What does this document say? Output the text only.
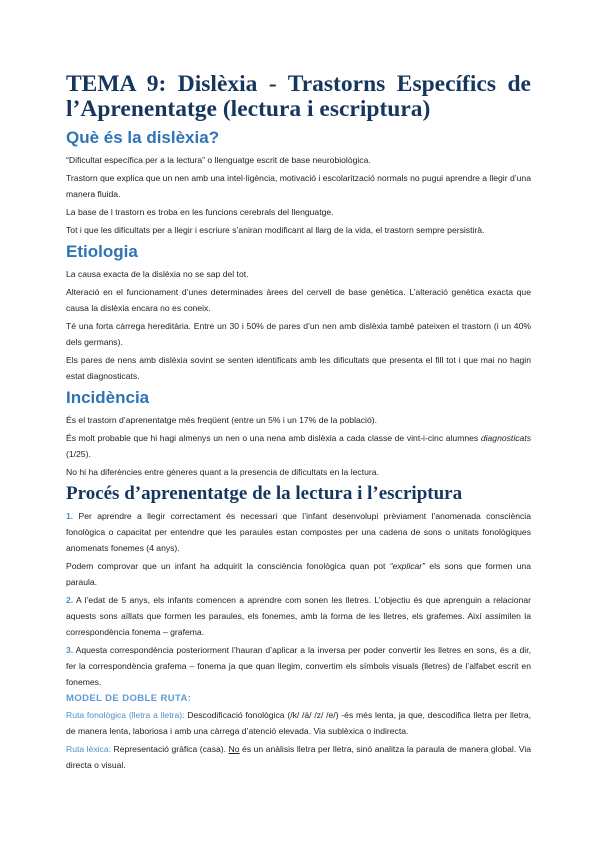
TEMA 9: Dislèxia - Trastorns Específics de l’Aprenentatge (lectura i escriptura)
Què és la dislèxia?

“Dificultat específica per a la lectura” o llenguatge escrit de base neurobiològica.

Trastorn que explica que un nen amb una intel·ligència, motivació i escolarització normals no pugui aprendre a llegir d’una manera fluida.

La base de l trastorn es troba en les funcions cerebrals del llenguatge.

Tot i que les dificultats per a llegir i escriure s’aniran modificant al llarg de la vida, el trastorn sempre persistirà.

Etiologia

La causa exacta de la dislèxia no se sap del tot.

Alteració en el funcionament d’unes determinades àrees del cervell de base genètica. L’alteració genètica exacta que causa la dislèxia encara no es coneix.

Té una forta càrrega hereditària. Entre un 30 i 50% de pares d’un nen amb dislèxia també pateixen el trastorn (i un 40% dels germans).

Els pares de nens amb dislèxia sovint se senten identificats amb les dificultats que presenta el fill tot i que mai no hagin estat diagnosticats.

Incidència

És el trastorn d’aprenentatge més freqüent (entre un 5% i un 17% de la població).

És molt probable que hi hagi almenys un nen o una nena amb dislèxia a cada classe de vint-i-cinc alumnes diagnosticats (1/25).

No hi ha diferències entre gèneres quant a la presencia de dificultats en la lectura.

Procés d’aprenentatge de la lectura i l’escriptura

1. Per aprendre a llegir correctament és necessari que l’infant desenvolupi prèviament l’anomenada consciència fonològica o capacitat per entendre que les paraules estan compostes per una cadena de sons o unitats fonològiques anomenats fonemes (4 anys).

Podem comprovar que un infant ha adquirit la consciència fonològica quan pot “explicar” els sons que formen una paraula.

2. A l’edat de 5 anys, els infants comencen a aprendre com sonen les lletres. L’objectiu és que aprenguin a relacionar aquests sons aïllats que formen les paraules, els fonemes, amb la forma de les lletres, els grafemes. Així assimilen la correspondència fonema – grafema.

3. Aquesta correspondència posteriorment l’hauran d’aplicar a la inversa per poder convertir les lletres en sons, és a dir, fer la correspondència grafema – fonema ja que quan llegim, convertim els símbols visuals (lletres) de l’alfabet escrit en fonemes.

MODEL DE DOBLE RUTA:

Ruta fonològica (lletra a lletra): Descodificació fonològica (/k/ /á/ /z/ /e/) -és més lenta, ja que, descodifica lletra per lletra, de manera lenta, laboriosa i amb una càrrega d’atenció elevada. Via sublèxica o indirecta.

Ruta lèxica: Representació gràfica (casa). No és un anàlisis lletra per lletra, sinó analitza la paraula de manera global. Via directa o visual.
